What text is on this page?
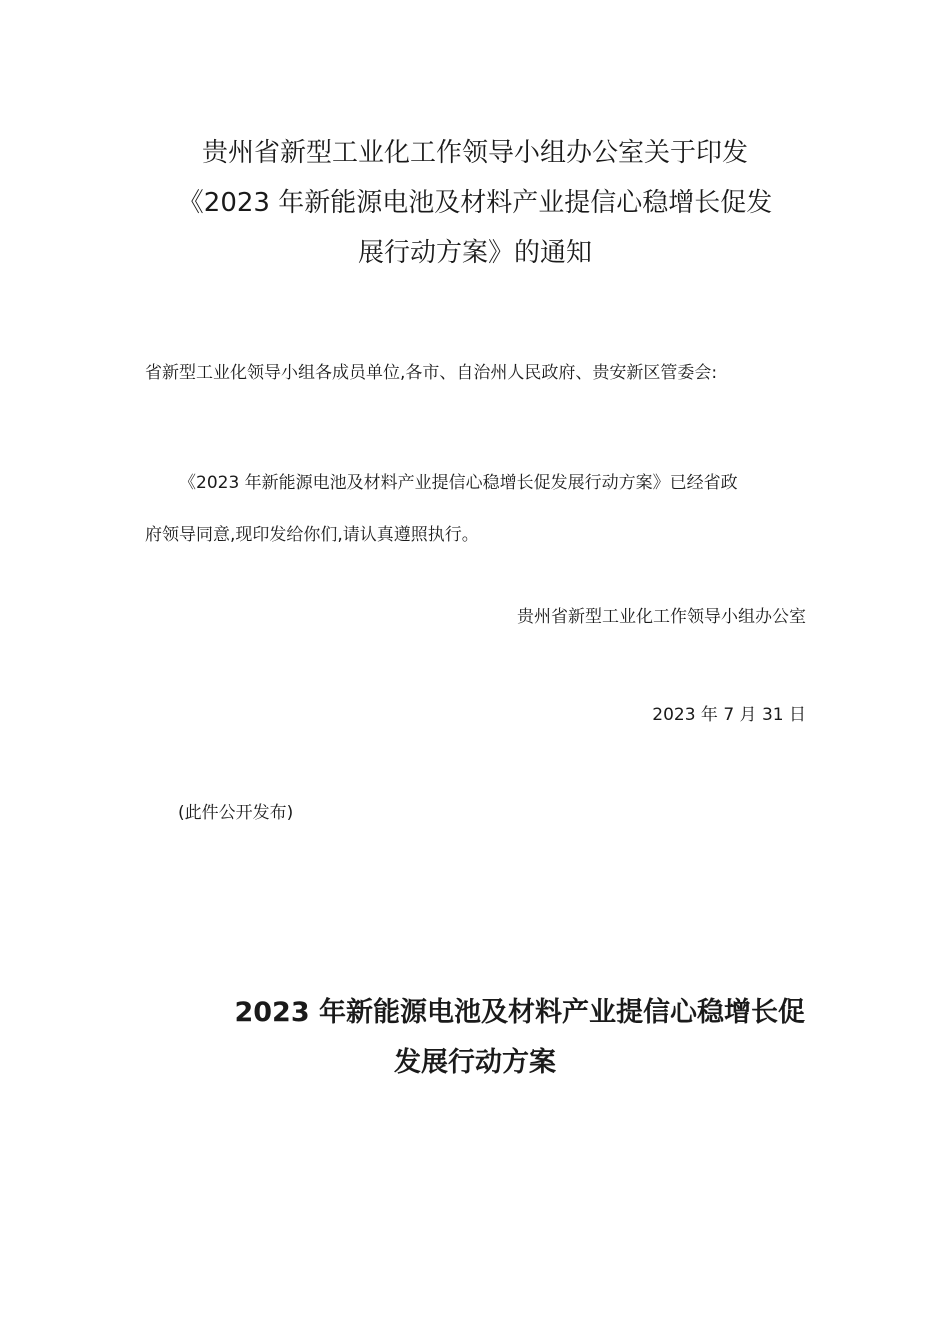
贵州省新型工业化工作领导小组办公室关于印发
《2023 年新能源电池及材料产业提信心稳增长促发
展行动方案》的通知
省新型工业化领导小组各成员单位,各市、自治州人民政府、贵安新区管委会:
《2023 年新能源电池及材料产业提信心稳增长促发展行动方案》已经省政
府领导同意,现印发给你们,请认真遵照执行。
贵州省新型工业化工作领导小组办公室
2023 年 7 月 31 日
(此件公开发布)
2023 年新能源电池及材料产业提信心稳增长促
发展行动方案
